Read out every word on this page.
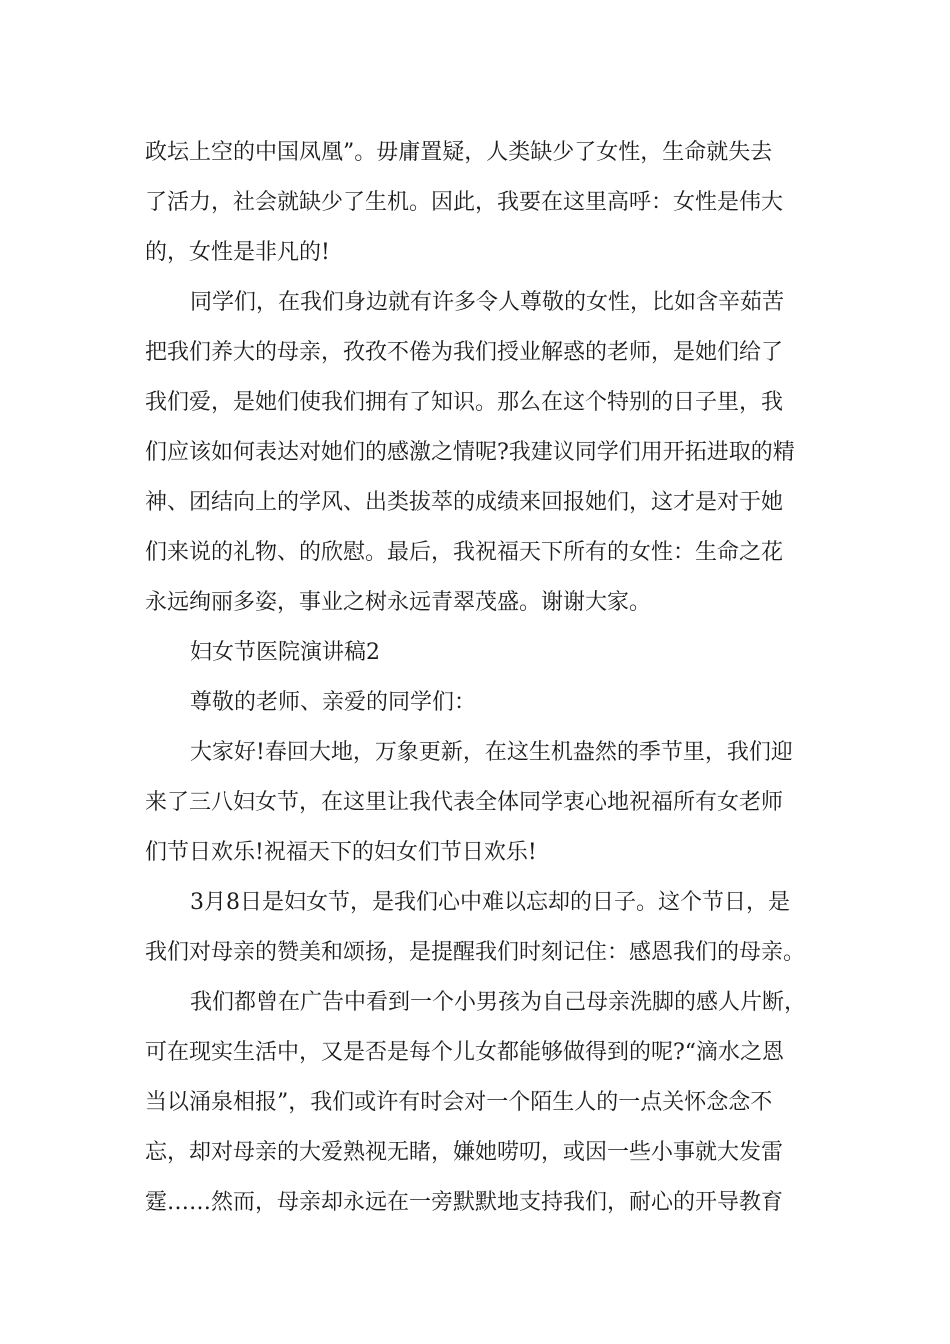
政坛上空的中国凤凰”。毋庸置疑，人类缺少了女性，生命就失去
了活力，社会就缺少了生机。因此，我要在这里高呼：女性是伟大
的，女性是非凡的!
同学们，在我们身边就有许多令人尊敬的女性，比如含辛茹苦
把我们养大的母亲，孜孜不倦为我们授业解惑的老师，是她们给了
我们爱，是她们使我们拥有了知识。那么在这个特别的日子里，我
们应该如何表达对她们的感激之情呢?我建议同学们用开拓进取的精
神、团结向上的学风、出类拔萃的成绩来回报她们，这才是对于她
们来说的礼物、的欣慰。最后，我祝福天下所有的女性：生命之花
永远绚丽多姿，事业之树永远青翠茂盛。谢谢大家。
妇女节医院演讲稿2
尊敬的老师、亲爱的同学们：
大家好!春回大地，万象更新，在这生机盎然的季节里，我们迎
来了三八妇女节，在这里让我代表全体同学衷心地祝福所有女老师
们节日欢乐!祝福天下的妇女们节日欢乐!
3月8日是妇女节，是我们心中难以忘却的日子。这个节日，是
我们对母亲的赞美和颂扬，是提醒我们时刻记住：感恩我们的母亲。
我们都曾在广告中看到一个小男孩为自己母亲洗脚的感人片断，
可在现实生活中，又是否是每个儿女都能够做得到的呢?“滴水之恩
当以涌泉相报”，我们或许有时会对一个陌生人的一点关怀念念不
忘，却对母亲的大爱熟视无睹，嫌她唠叨，或因一些小事就大发雷
霆……然而，母亲却永远在一旁默默地支持我们，耐心的开导教育
